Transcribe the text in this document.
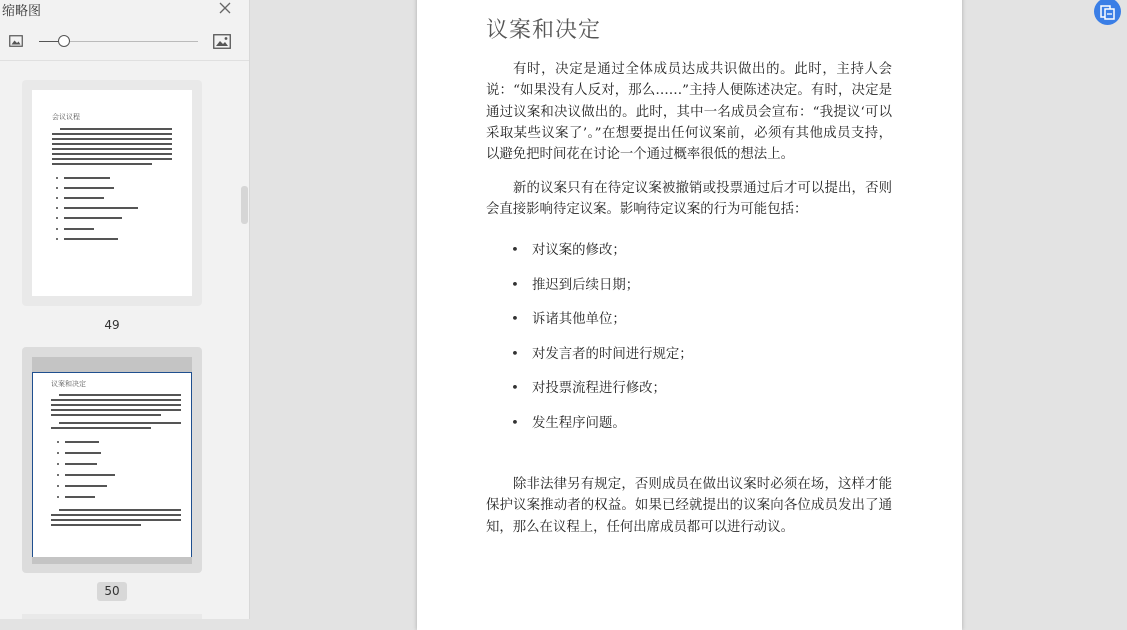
缩略图
会议议程
49
议案和决定
50
议案和决定

有时，决定是通过全体成员达成共识做出的。此时，主持人会说：“如果没有人反对，那么……”主持人便陈述决定。有时，决定是通过议案和决议做出的。此时，其中一名成员会宣布：“我提议‘可以采取某些议案了’。”在想要提出任何议案前，必须有其他成员支持，以避免把时间花在讨论一个通过概率很低的想法上。

新的议案只有在待定议案被撤销或投票通过后才可以提出，否则会直接影响待定议案。影响待定议案的行为可能包括：

• 对议案的修改；
• 推迟到后续日期；
• 诉诸其他单位；
• 对发言者的时间进行规定；
• 对投票流程进行修改；
• 发生程序问题。

除非法律另有规定，否则成员在做出议案时必须在场，这样才能保护议案推动者的权益。如果已经就提出的议案向各位成员发出了通知，那么在议程上，任何出席成员都可以进行动议。
